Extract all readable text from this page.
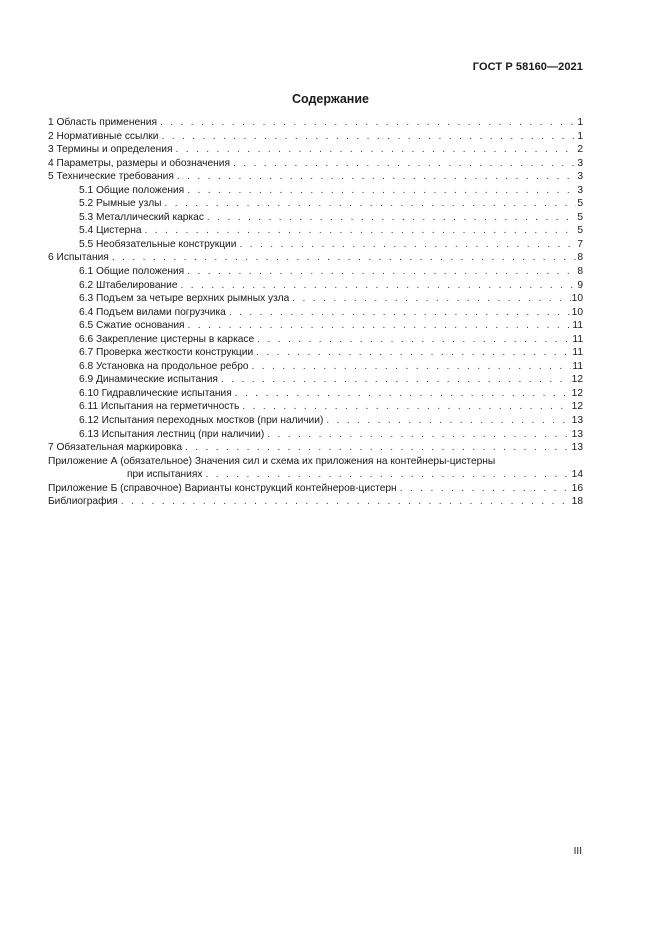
ГОСТ Р 58160—2021
Содержание
1 Область применения . . .	1
2 Нормативные ссылки . . .	1
3 Термины и определения . . .	2
4 Параметры, размеры и обозначения . . .	3
5 Технические требования . . .	3
5.1 Общие положения . . .	3
5.2 Рымные узлы . . .	5
5.3 Металлический каркас . . .	5
5.4 Цистерна . . .	5
5.5 Необязательные конструкции . . .	7
6 Испытания . . .	8
6.1 Общие положения . . .	8
6.2 Штабелирование . . .	9
6.3 Подъем за четыре верхних рымных узла . . .	10
6.4 Подъем вилами погрузчика . . .	10
6.5 Сжатие основания . . .	11
6.6 Закрепление цистерны в каркасе . . .	11
6.7 Проверка жесткости конструкции . . .	11
6.8 Установка на продольное ребро . . .	11
6.9 Динамические испытания . . .	12
6.10 Гидравлические испытания . . .	12
6.11 Испытания на герметичность . . .	12
6.12 Испытания переходных мостков (при наличии) . . .	13
6.13 Испытания лестниц (при наличии) . . .	13
7 Обязательная маркировка . . .	13
Приложение А (обязательное) Значения сил и схема их приложения на контейнеры-цистерны
при испытаниях . . .	14
Приложение Б (справочное) Варианты конструкций контейнеров-цистерн . . .	16
Библиография . . .	18
III
